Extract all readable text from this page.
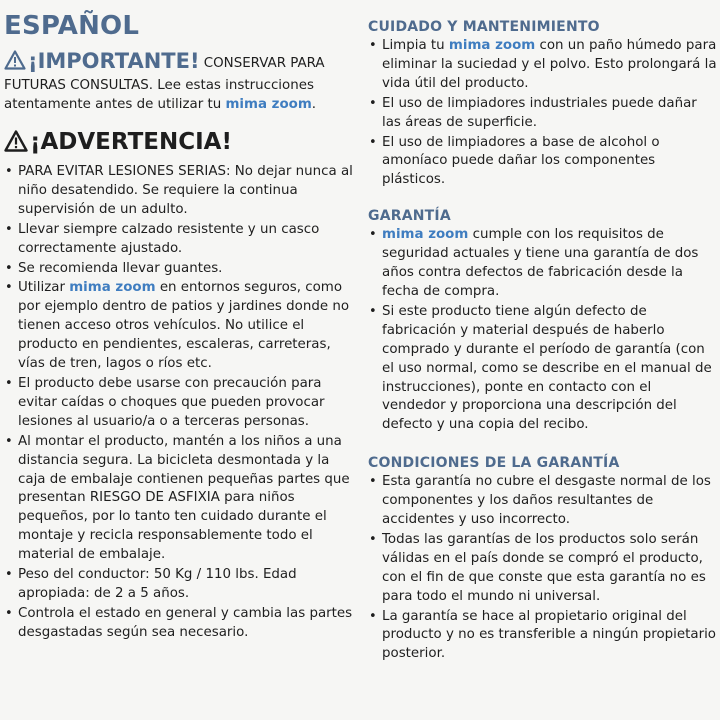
ESPAÑOL
¡IMPORTANTE! CONSERVAR PARA
FUTURAS CONSULTAS. Lee estas instrucciones
atentamente antes de utilizar tu mima zoom.
¡ADVERTENCIA!
• PARA EVITAR LESIONES SERIAS: No dejar nunca al niño desatendido. Se requiere la continua supervisión de un adulto.
• Llevar siempre calzado resistente y un casco correctamente ajustado.
• Se recomienda llevar guantes.
• Utilizar mima zoom en entornos seguros, como por ejemplo dentro de patios y jardines donde no tienen acceso otros vehículos. No utilice el producto en pendientes, escaleras, carreteras, vías de tren, lagos o ríos etc.
• El producto debe usarse con precaución para evitar caídas o choques que pueden provocar lesiones al usuario/a o a terceras personas.
• Al montar el producto, mantén a los niños a una distancia segura. La bicicleta desmontada y la caja de embalaje contienen pequeñas partes que presentan RIESGO DE ASFIXIA para niños pequeños, por lo tanto ten cuidado durante el montaje y recicla responsablemente todo el material de embalaje.
• Peso del conductor: 50 Kg / 110 lbs. Edad apropiada: de 2 a 5 años.
• Controla el estado en general y cambia las partes desgastadas según sea necesario.
CUIDADO Y MANTENIMIENTO
• Limpia tu mima zoom con un paño húmedo para eliminar la suciedad y el polvo. Esto prolongará la vida útil del producto.
• El uso de limpiadores industriales puede dañar las áreas de superficie.
• El uso de limpiadores a base de alcohol o amoníaco puede dañar los componentes plásticos.
GARANTÍA
• mima zoom cumple con los requisitos de seguridad actuales y tiene una garantía de dos años contra defectos de fabricación desde la fecha de compra.
• Si este producto tiene algún defecto de fabricación y material después de haberlo comprado y durante el período de garantía (con el uso normal, como se describe en el manual de instrucciones), ponte en contacto con el vendedor y proporciona una descripción del defecto y una copia del recibo.
CONDICIONES DE LA GARANTÍA
• Esta garantía no cubre el desgaste normal de los componentes y los daños resultantes de accidentes y uso incorrecto.
• Todas las garantías de los productos solo serán válidas en el país donde se compró el producto, con el fin de que conste que esta garantía no es para todo el mundo ni universal.
• La garantía se hace al propietario original del producto y no es transferible a ningún propietario posterior.
